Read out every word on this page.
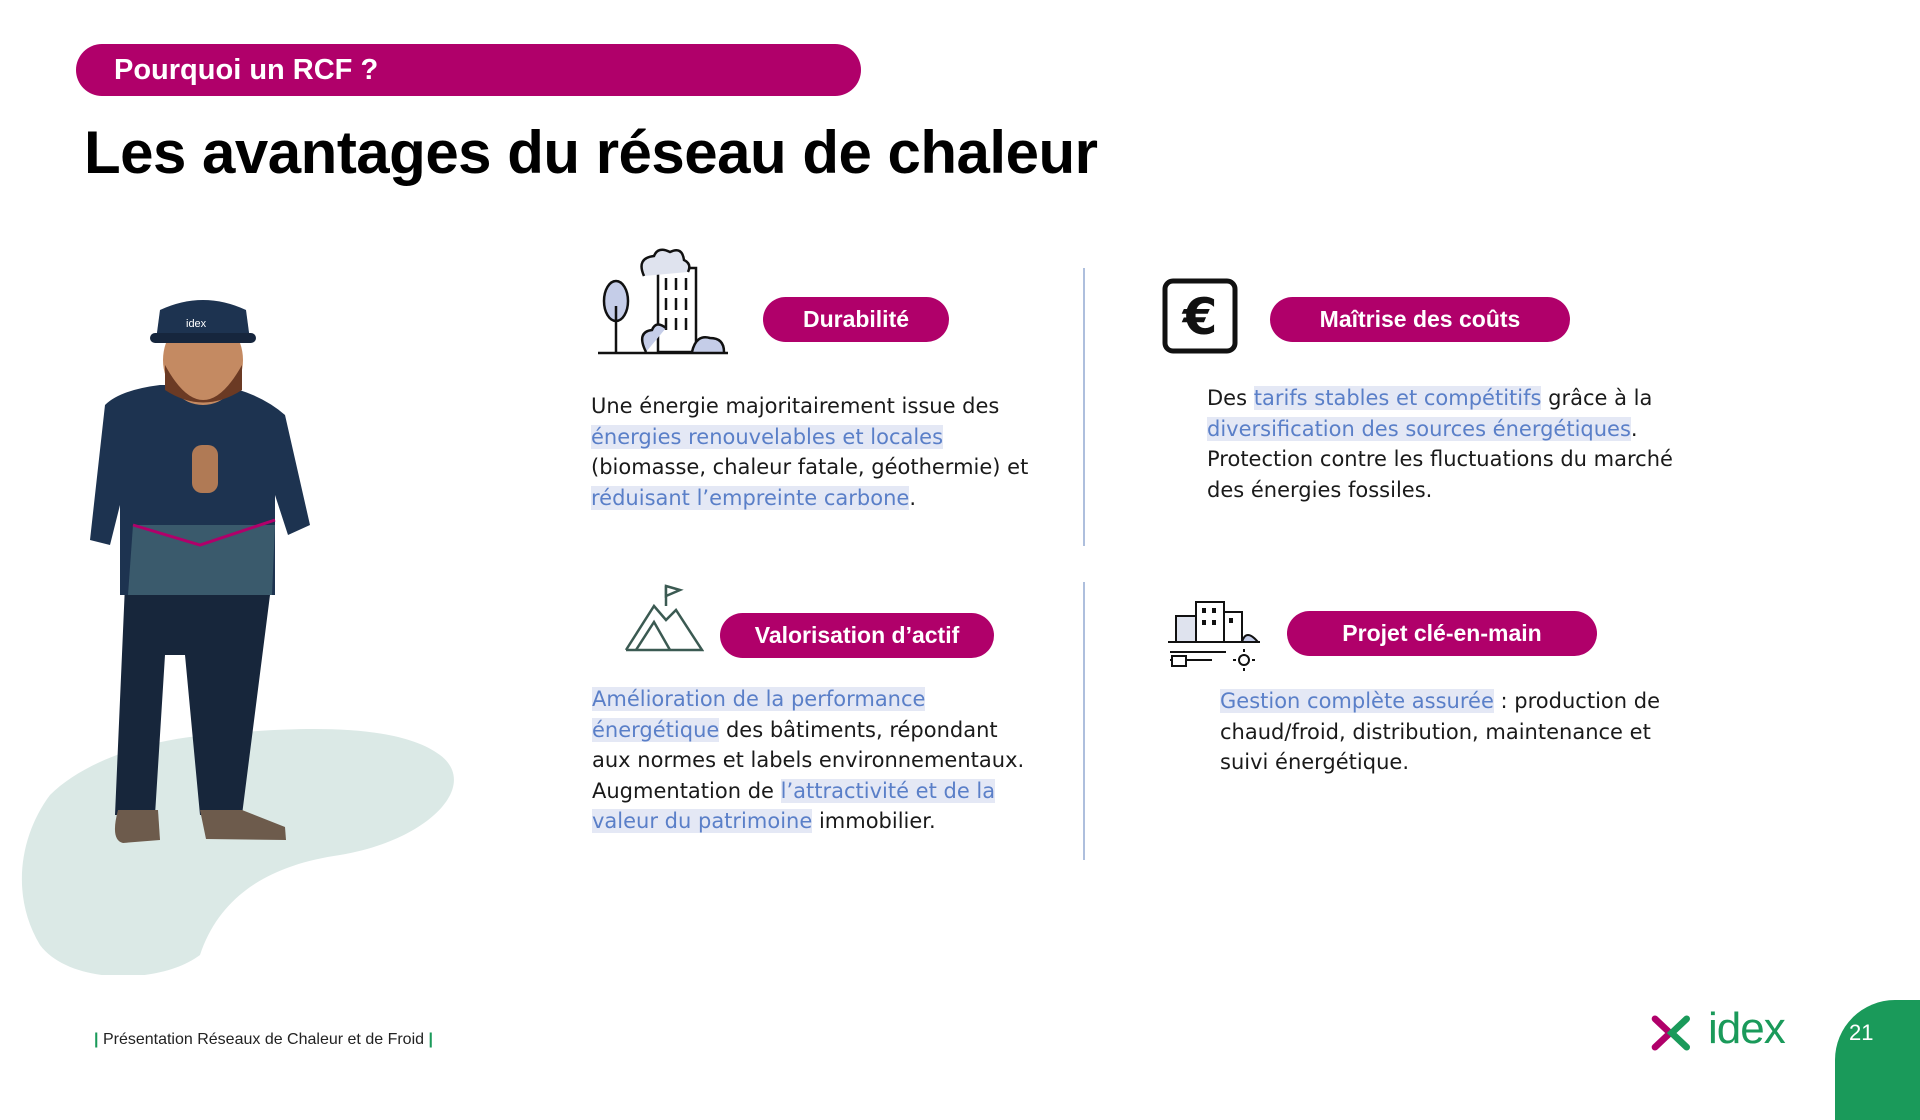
Pourquoi un RCF ?
Les avantages du réseau de chaleur
idex	Durabilité

Une énergie majoritairement issue des
énergies renouvelables et locales
(biomasse, chaleur fatale, géothermie) et
réduisant l’empreinte carbone.

€	Maîtrise des coûts

Des tarifs stables et compétitifs grâce à la diversification des sources énergétiques. Protection contre les fluctuations du marché des énergies fossiles.

Valorisation d’actif

Amélioration de la performance énergétique des bâtiments, répondant aux normes et labels environnementaux.
Augmentation de l’attractivité et de la valeur du patrimoine immobilier.

Projet clé-en-main

Gestion complète assurée : production de chaud/froid, distribution, maintenance et suivi énergétique.

| Présentation Réseaux de Chaleur et de Froid |	idex	21
